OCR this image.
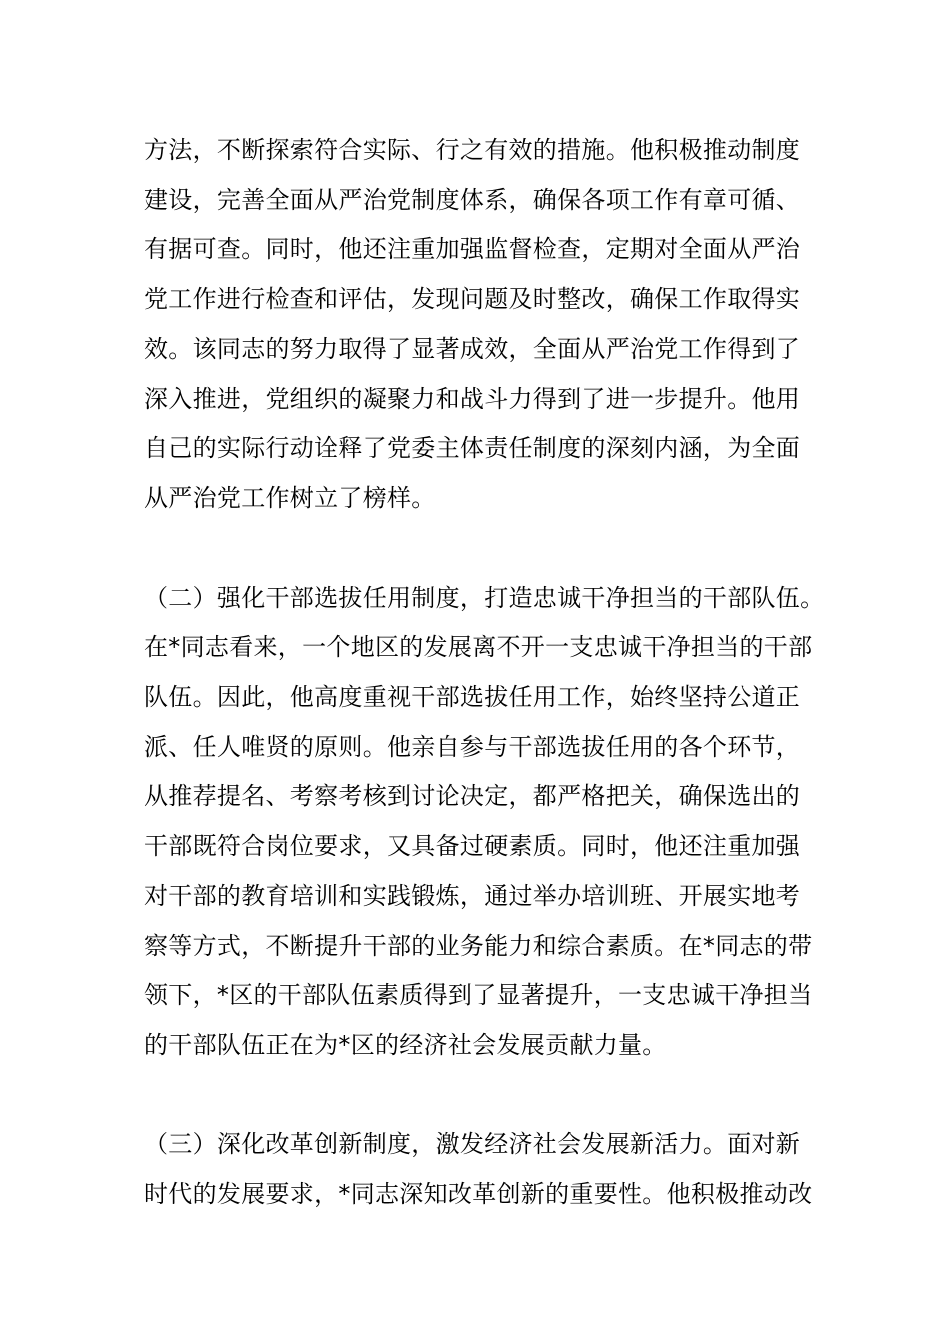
方法，不断探索符合实际、行之有效的措施。他积极推动制度

建设，完善全面从严治党制度体系，确保各项工作有章可循、

有据可查。同时，他还注重加强监督检查，定期对全面从严治

党工作进行检查和评估，发现问题及时整改，确保工作取得实

效。该同志的努力取得了显著成效，全面从严治党工作得到了

深入推进，党组织的凝聚力和战斗力得到了进一步提升。他用

自己的实际行动诠释了党委主体责任制度的深刻内涵，为全面

从严治党工作树立了榜样。

（二）强化干部选拔任用制度，打造忠诚干净担当的干部队伍。

在*同志看来，一个地区的发展离不开一支忠诚干净担当的干部

队伍。因此，他高度重视干部选拔任用工作，始终坚持公道正

派、任人唯贤的原则。他亲自参与干部选拔任用的各个环节，

从推荐提名、考察考核到讨论决定，都严格把关，确保选出的

干部既符合岗位要求，又具备过硬素质。同时，他还注重加强

对干部的教育培训和实践锻炼，通过举办培训班、开展实地考

察等方式，不断提升干部的业务能力和综合素质。在*同志的带

领下，*区的干部队伍素质得到了显著提升，一支忠诚干净担当

的干部队伍正在为*区的经济社会发展贡献力量。

（三）深化改革创新制度，激发经济社会发展新活力。面对新

时代的发展要求，*同志深知改革创新的重要性。他积极推动改
